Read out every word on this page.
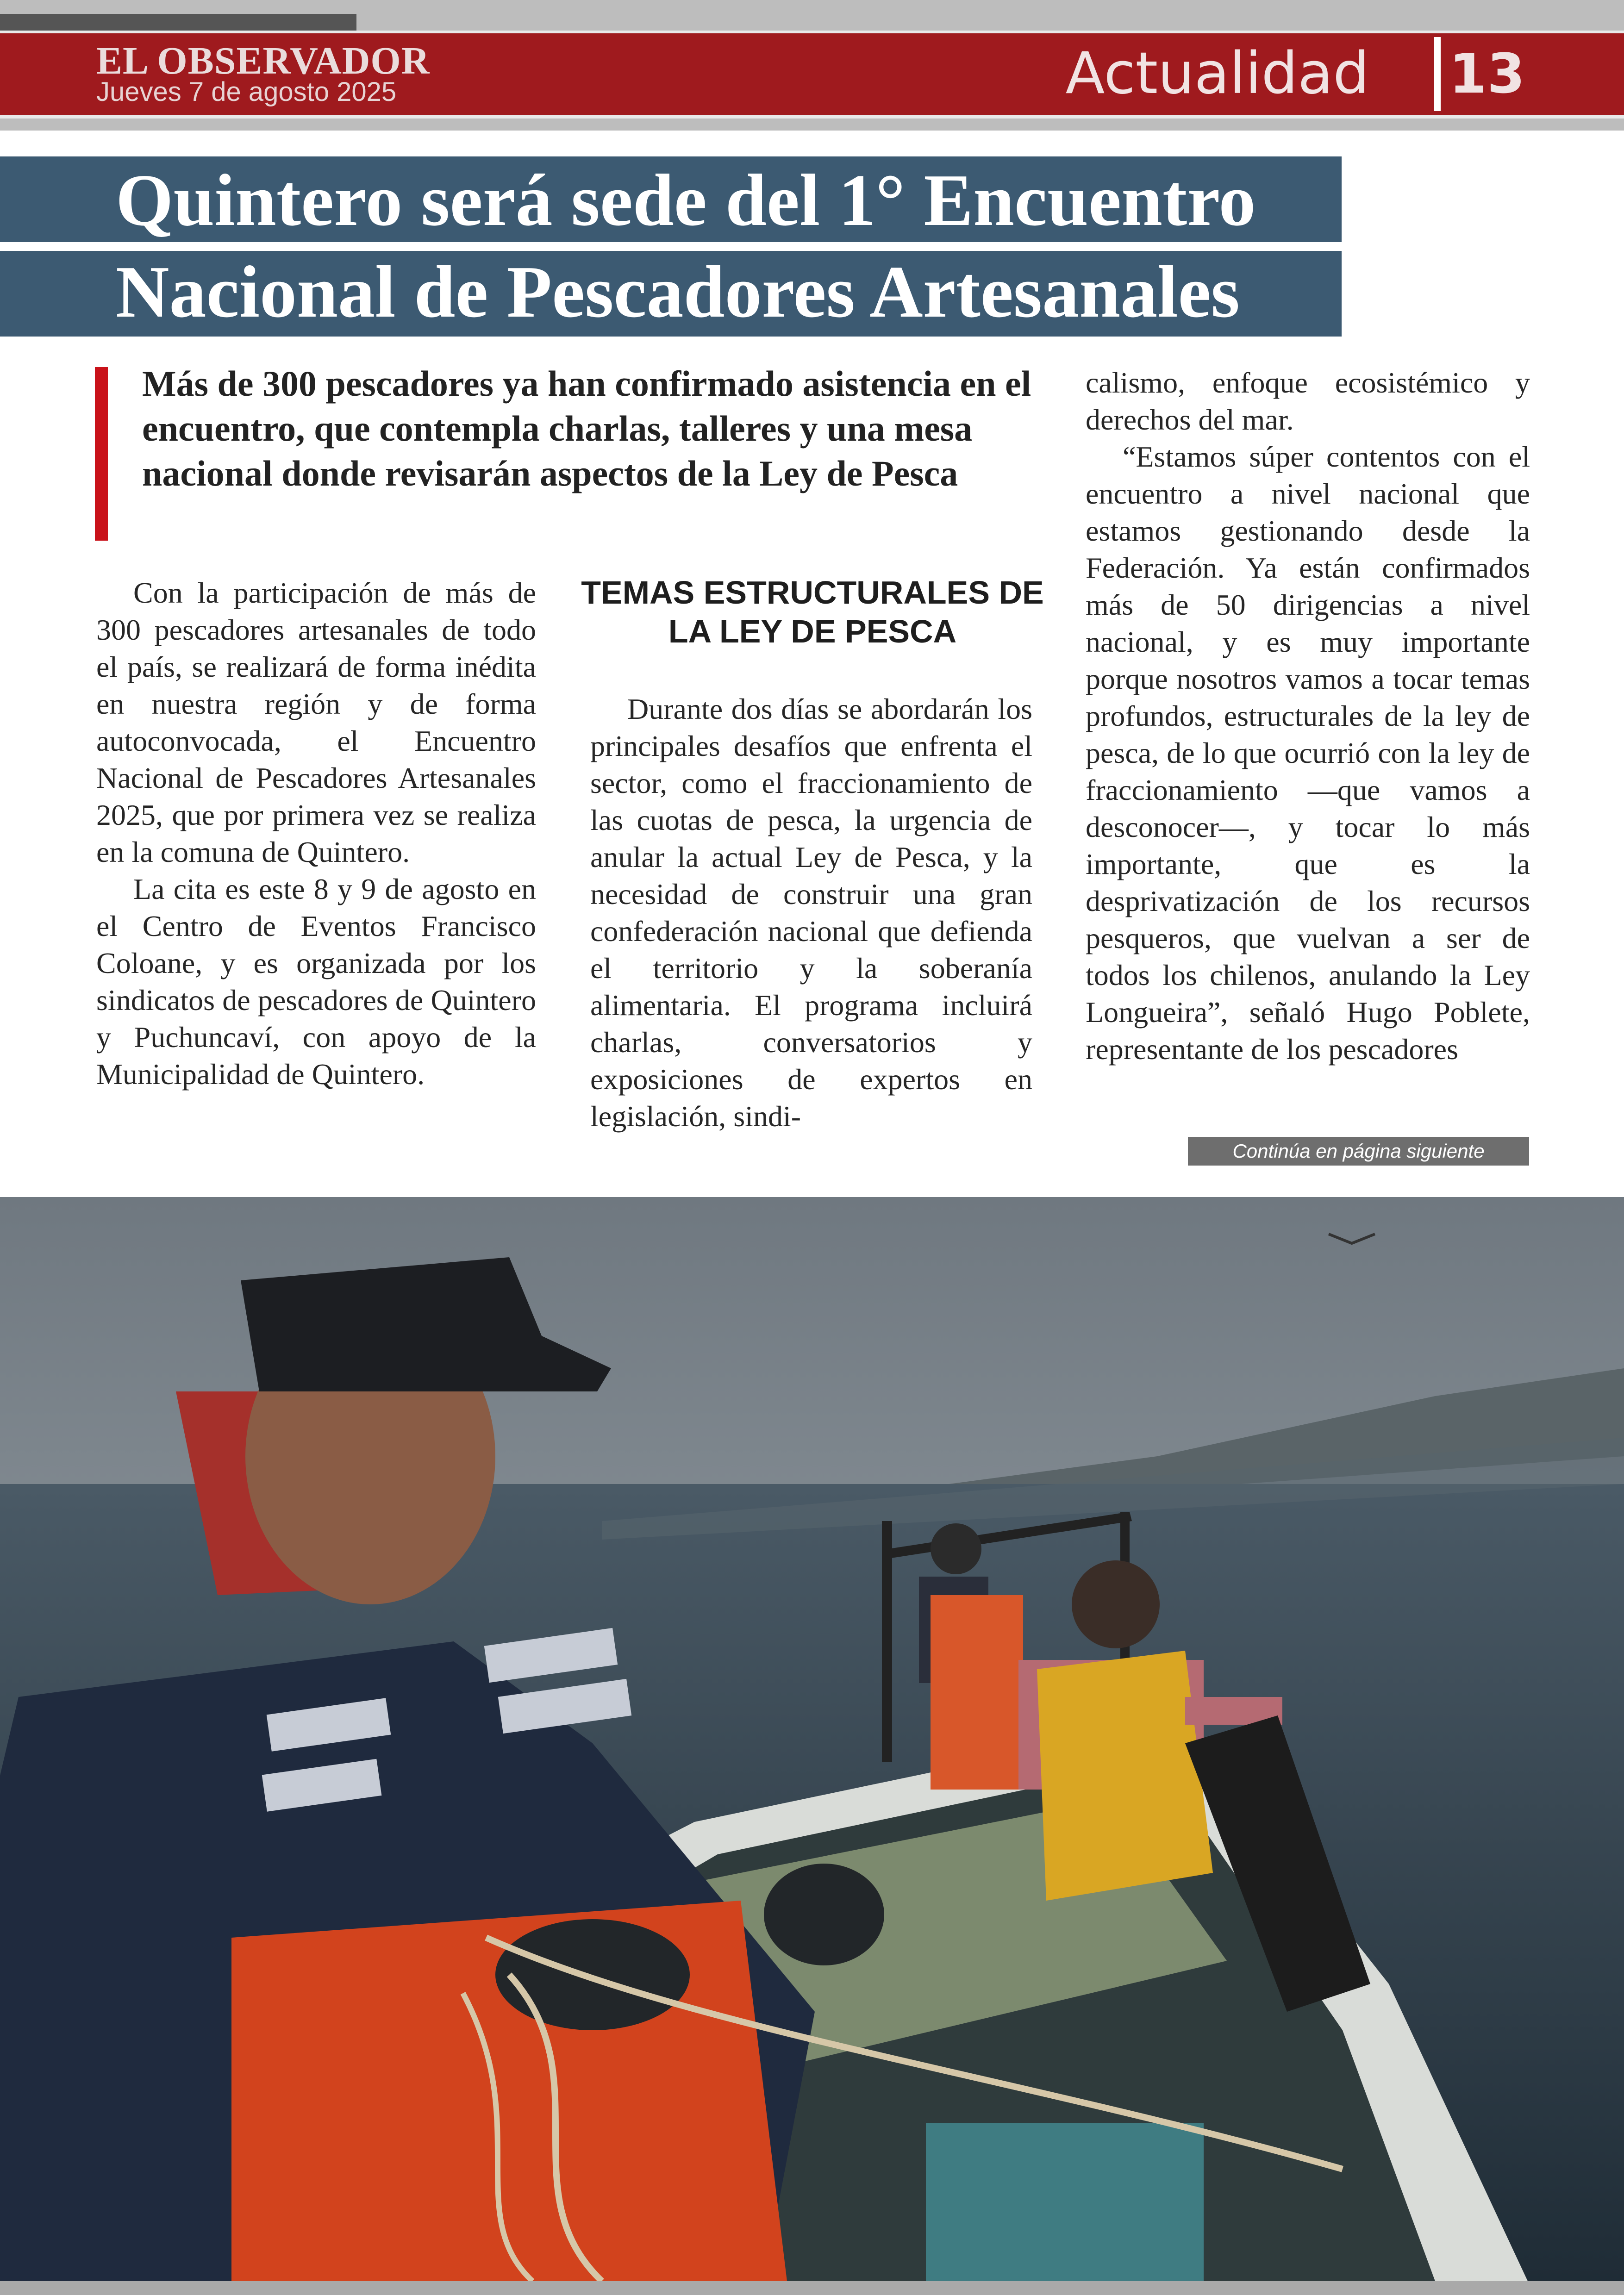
EL OBSERVADOR
Jueves 7 de agosto 2025	Actualidad 13
Quintero será sede del 1° Encuentro
Nacional de Pescadores Artesanales

Más de 300 pescadores ya han confirmado asistencia en el encuentro, que contempla charlas, talleres y una mesa nacional donde revisarán aspectos de la Ley de Pesca

Con la participación de más de 300 pescadores artesanales de todo el país, se realizará de forma inédita en nuestra región y de forma autoconvocada, el Encuentro Nacional de Pescadores Artesanales 2025, que por primera vez se realiza en la comuna de Quintero.

La cita es este 8 y 9 de agosto en el Centro de Eventos Francisco Coloane, y es organizada por los sindicatos de pescadores de Quintero y Puchuncaví, con apoyo de la Municipalidad de Quintero.

TEMAS ESTRUCTURALES DE LA LEY DE PESCA

Durante dos días se abordarán los principales desafíos que enfrenta el sector, como el fraccionamiento de las cuotas de pesca, la urgencia de anular la actual Ley de Pesca, y la necesidad de construir una gran confederación nacional que defienda el territorio y la soberanía alimentaria. El programa incluirá charlas, conversatorios y exposiciones de expertos en legislación, sindi-

calismo, enfoque ecosistémico y derechos del mar.

“Estamos súper contentos con el encuentro a nivel nacional que estamos gestionando desde la Federación. Ya están confirmados más de 50 dirigencias a nivel nacional, y es muy importante porque nosotros vamos a tocar temas profundos, estructurales de la ley de pesca, de lo que ocurrió con la ley de fraccionamiento —que vamos a desconocer—, y tocar lo más importante, que es la desprivatización de los recursos pesqueros, que vuelvan a ser de todos los chilenos, anulando la Ley Longueira”, señaló Hugo Poblete, representante de los pescadores

Continúa en página siguiente
